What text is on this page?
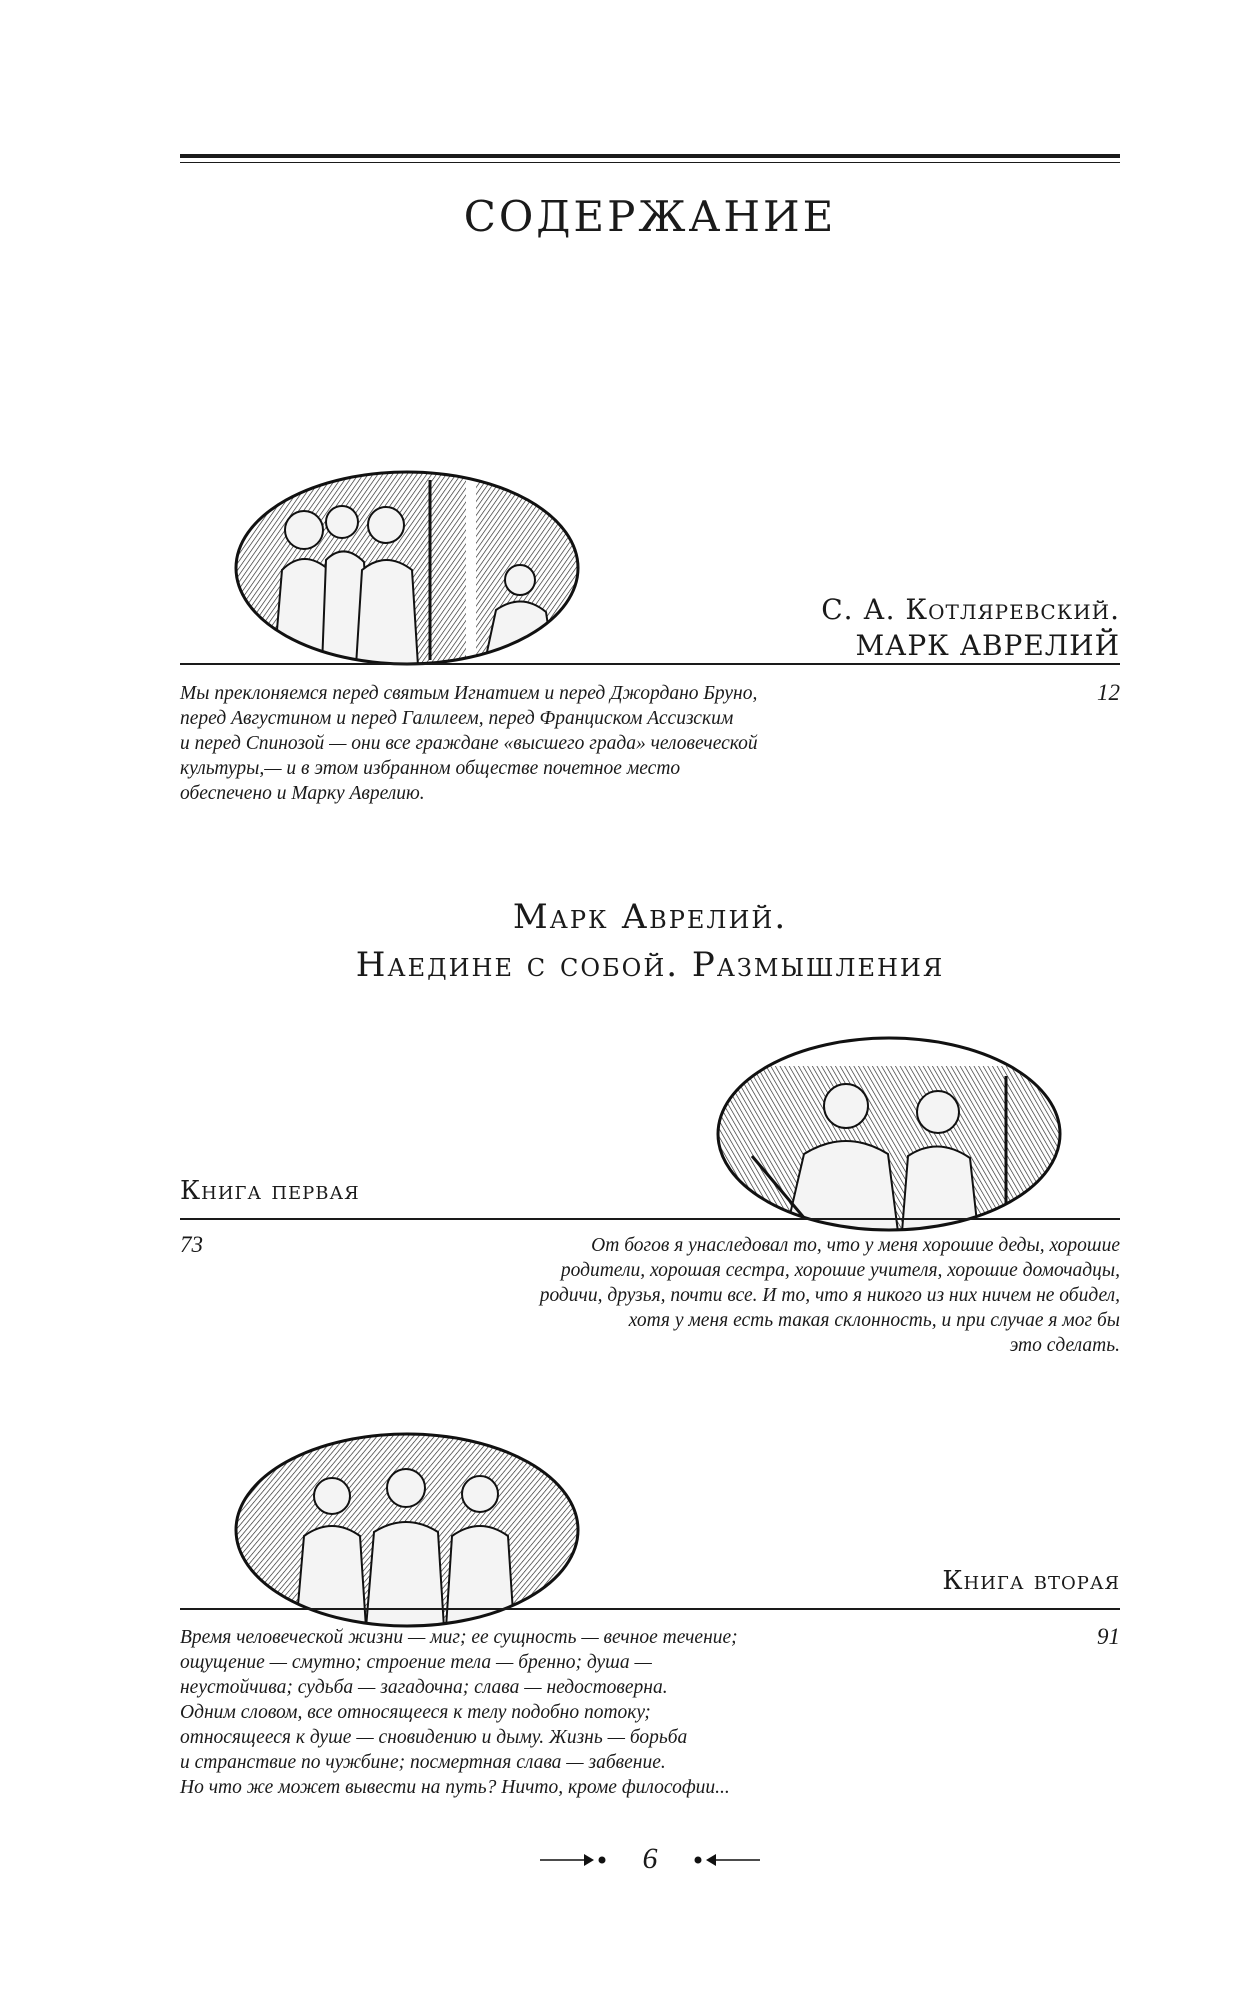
СОДЕРЖАНИЕ
С. А. Котляревский.
МАРК АВРЕЛИЙ
Мы преклоняемся перед святым Игнатием и перед Джордано Бруно,
перед Августином и перед Галилеем, перед Франциском Ассизским
и перед Спинозой — они все граждане «высшего града» человеческой
культуры,— и в этом избранном обществе почетное место
обеспечено и Марку Аврелию.
12
Марк Аврелий.
Наедине с собой. Размышления
Книга первая
73	От богов я унаследовал то, что у меня хорошие деды, хорошие
родители, хорошая сестра, хорошие учителя, хорошие домочадцы,
родичи, друзья, почти все. И то, что я никого из них ничем не обидел,
хотя у меня есть такая склонность, и при случае я мог бы
это сделать.
Книга вторая
Время человеческой жизни — миг; ее сущность — вечное течение;
ощущение — смутно; строение тела — бренно; душа —
неустойчива; судьба — загадочна; слава — недостоверна.
Одним словом, все относящееся к телу подобно потоку;
относящееся к душе — сновидению и дыму. Жизнь — борьба
и странствие по чужбине; посмертная слава — забвение.
Но что же может вывести на путь? Ничто, кроме философии...
91
6
